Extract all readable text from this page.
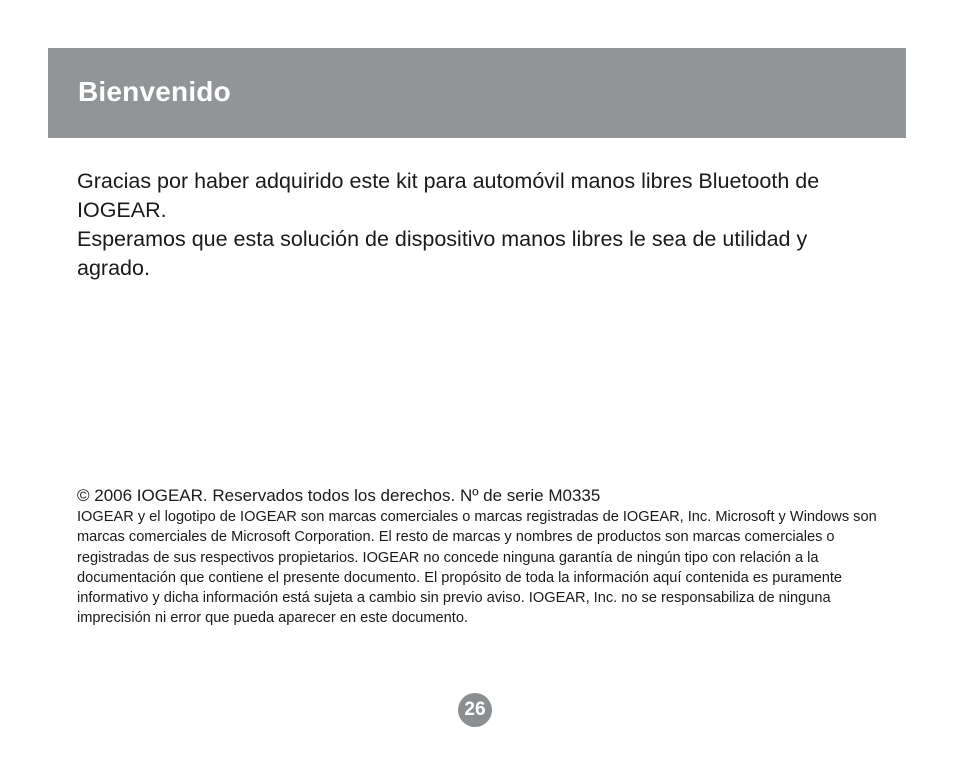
Bienvenido

Gracias por haber adquirido este kit para automóvil manos libres Bluetooth de IOGEAR.

Esperamos que esta solución de dispositivo manos libres le sea de utilidad y agrado.

© 2006 IOGEAR. Reservados todos los derechos. Nº de serie M0335

IOGEAR y el logotipo de IOGEAR son marcas comerciales o marcas registradas de IOGEAR, Inc. Microsoft y Windows son marcas comerciales de Microsoft Corporation. El resto de marcas y nombres de productos son marcas comerciales o registradas de sus respectivos propietarios. IOGEAR no concede ninguna garantía de ningún tipo con relación a la documentación que contiene el presente documento. El propósito de toda la información aquí contenida es puramente informativo y dicha información está sujeta a cambio sin previo aviso. IOGEAR, Inc. no se responsabiliza de ninguna imprecisión ni error que pueda aparecer en este documento.

26
